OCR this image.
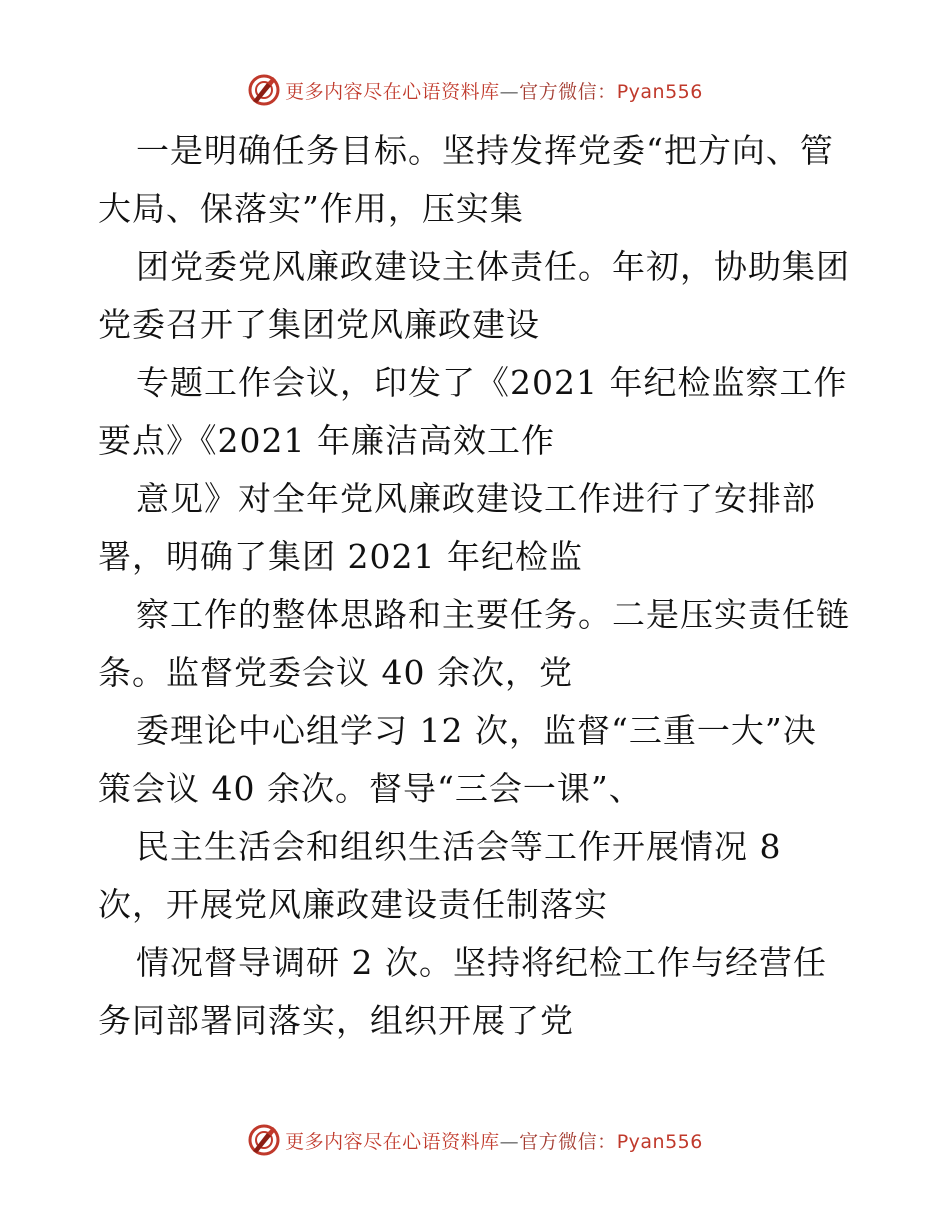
更多内容尽在心语资料库—官方微信：Pyan556
一是明确任务目标。坚持发挥党委“把方向、管
大局、保落实”作用，压实集
团党委党风廉政建设主体责任。年初，协助集团
党委召开了集团党风廉政建设
专题工作会议，印发了《2021 年纪检监察工作
要点》《2021 年廉洁高效工作
意见》对全年党风廉政建设工作进行了安排部
署，明确了集团 2021 年纪检监
察工作的整体思路和主要任务。二是压实责任链
条。监督党委会议 40 余次，党
委理论中心组学习 12 次，监督“三重一大”决
策会议 40 余次。督导“三会一课”、
民主生活会和组织生活会等工作开展情况 8
次，开展党风廉政建设责任制落实
情况督导调研 2 次。坚持将纪检工作与经营任
务同部署同落实，组织开展了党
更多内容尽在心语资料库—官方微信：Pyan556
